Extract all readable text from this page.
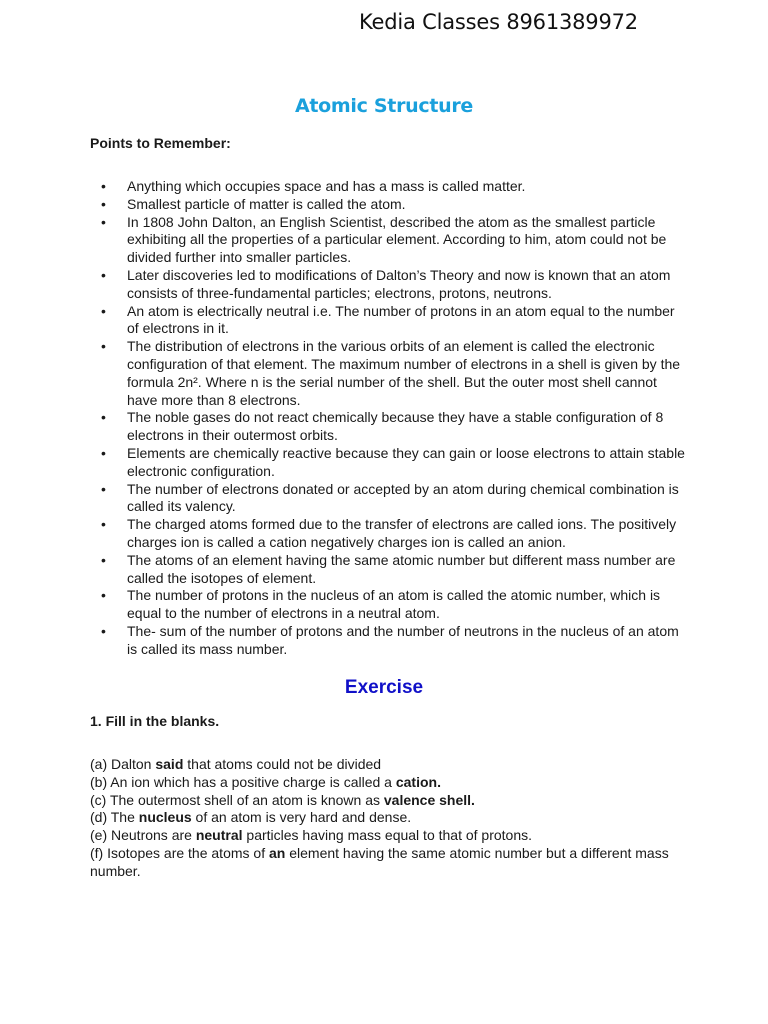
Kedia Classes 8961389972
Atomic Structure
Points to Remember:
• Anything which occupies space and has a mass is called matter.
• Smallest particle of matter is called the atom.
• In 1808 John Dalton, an English Scientist, described the atom as the smallest particle exhibiting all the properties of a particular element. According to him, atom could not be divided further into smaller particles.
• Later discoveries led to modifications of Dalton’s Theory and now is known that an atom consists of three-fundamental particles; electrons, protons, neutrons.
• An atom is electrically neutral i.e. The number of protons in an atom equal to the number of electrons in it.
• The distribution of electrons in the various orbits of an element is called the electronic configuration of that element. The maximum number of electrons in a shell is given by the formula 2n². Where n is the serial number of the shell. But the outer most shell cannot have more than 8 electrons.
• The noble gases do not react chemically because they have a stable configuration of 8 electrons in their outermost orbits.
• Elements are chemically reactive because they can gain or loose electrons to attain stable electronic configuration.
• The number of electrons donated or accepted by an atom during chemical combination is called its valency.
• The charged atoms formed due to the transfer of electrons are called ions. The positively charges ion is called a cation negatively charges ion is called an anion.
• The atoms of an element having the same atomic number but different mass number are called the isotopes of element.
• The number of protons in the nucleus of an atom is called the atomic number, which is equal to the number of electrons in a neutral atom.
• The- sum of the number of protons and the number of neutrons in the nucleus of an atom is called its mass number.
Exercise
1. Fill in the blanks.
(a) Dalton said that atoms could not be divided
(b) An ion which has a positive charge is called a cation.
(c) The outermost shell of an atom is known as valence shell.
(d) The nucleus of an atom is very hard and dense.
(e) Neutrons are neutral particles having mass equal to that of protons.
(f) Isotopes are the atoms of an element having the same atomic number but a different mass number.
